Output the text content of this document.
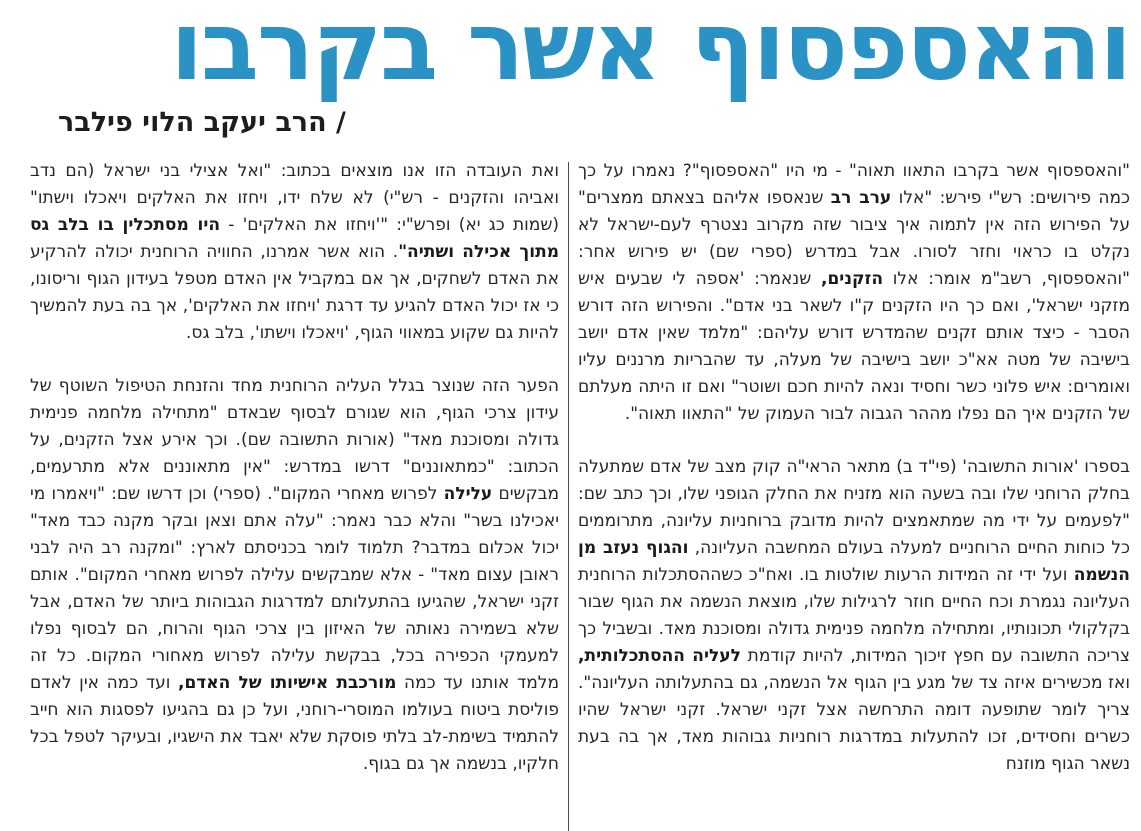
והאספסוף אשר בקרבו
/ הרב יעקב הלוי פילבר

"והאספסוף אשר בקרבו התאוו תאוה" - מי היו "האספסוף"? נאמרו על כך כמה פירושים: רש"י פירש: "אלו ערב רב שנאספו אליהם בצאתם ממצרים" על הפירוש הזה אין לתמוה איך ציבור שזה מקרוב נצטרף לעם-ישראל לא נקלט בו כראוי וחזר לסורו. אבל במדרש (ספרי שם) יש פירוש אחר: "והאספסוף, רשב"מ אומר: אלו הזקנים, שנאמר: 'אספה לי שבעים איש מזקני ישראל', ואם כך היו הזקנים ק"ו לשאר בני אדם". והפירוש הזה דורש הסבר - כיצד אותם זקנים שהמדרש דורש עליהם: "מלמד שאין אדם יושב בישיבה של מטה אא"כ יושב בישיבה של מעלה, עד שהבריות מרננים עליו ואומרים: איש פלוני כשר וחסיד ונאה להיות חכם ושוטר" ואם זו היתה מעלתם של הזקנים איך הם נפלו מההר הגבוה לבור העמוק של "התאוו תאוה".

בספרו 'אורות התשובה' (פי"ד ב) מתאר הראי"ה קוק מצב של אדם שמתעלה בחלק הרוחני שלו ובה בשעה הוא מזניח את החלק הגופני שלו, וכך כתב שם: "לפעמים על ידי מה שמתאמצים להיות מדובק ברוחניות עליונה, מתרוממים כל כוחות החיים הרוחניים למעלה בעולם המחשבה העליונה, והגוף נעזב מן הנשמה ועל ידי זה המידות הרעות שולטות בו. ואח"כ כשההסתכלות הרוחנית העליונה נגמרת וכח החיים חוזר לרגילות שלו, מוצאת הנשמה את הגוף שבור בקלקולי תכונותיו, ומתחילה מלחמה פנימית גדולה ומסוכנת מאד. ובשביל כך צריכה התשובה עם חפץ זיכוך המידות, להיות קודמת לעליה ההסתכלותית, ואז מכשירים איזה צד של מגע בין הגוף אל הנשמה, גם בהתעלותה העליונה". צריך לומר שתופעה דומה התרחשה אצל זקני ישראל. זקני ישראל שהיו כשרים וחסידים, זכו להתעלות במדרגות רוחניות גבוהות מאד, אך בה בעת נשאר הגוף מוזנח

ואת העובדה הזו אנו מוצאים בכתוב: "ואל אצילי בני ישראל (הם נדב ואביהו והזקנים - רש"י) לא שלח ידו, ויחזו את האלקים ויאכלו וישתו" (שמות כג יא) ופרש"י: "'ויחזו את האלקים' - היו מסתכלין בו בלב גס מתוך אכילה ושתיה". הוא אשר אמרנו, החוויה הרוחנית יכולה להרקיע את האדם לשחקים, אך אם במקביל אין האדם מטפל בעידון הגוף וריסונו, כי אז יכול האדם להגיע עד דרגת 'ויחזו את האלקים', אך בה בעת להמשיך להיות גם שקוע במאווי הגוף, 'ויאכלו וישתו', בלב גס.

הפער הזה שנוצר בגלל העליה הרוחנית מחד והזנחת הטיפול השוטף של עידון צרכי הגוף, הוא שגורם לבסוף שבאדם "מתחילה מלחמה פנימית גדולה ומסוכנת מאד" (אורות התשובה שם). וכך אירע אצל הזקנים, על הכתוב: "כמתאוננים" דרשו במדרש: "אין מתאוננים אלא מתרעמים, מבקשים עלילה לפרוש מאחרי המקום". (ספרי) וכן דרשו שם: "ויאמרו מי יאכילנו בשר" והלא כבר נאמר: "עלה אתם וצאן ובקר מקנה כבד מאד" יכול אכלום במדבר? תלמוד לומר בכניסתם לארץ: "ומקנה רב היה לבני ראובן עצום מאד" - אלא שמבקשים עלילה לפרוש מאחרי המקום". אותם זקני ישראל, שהגיעו בהתעלותם למדרגות הגבוהות ביותר של האדם, אבל שלא בשמירה נאותה של האיזון בין צרכי הגוף והרוח, הם לבסוף נפלו למעמקי הכפירה בכל, בבקשת עלילה לפרוש מאחורי המקום. כל זה מלמד אותנו עד כמה מורכבת אישיותו של האדם, ועד כמה אין לאדם פוליסת ביטוח בעולמו המוסרי-רוחני, ועל כן גם בהגיעו לפסגות הוא חייב להתמיד בשימת-לב בלתי פוסקת שלא יאבד את הישגיו, ובעיקר לטפל בכל חלקיו, בנשמה אך גם בגוף.
